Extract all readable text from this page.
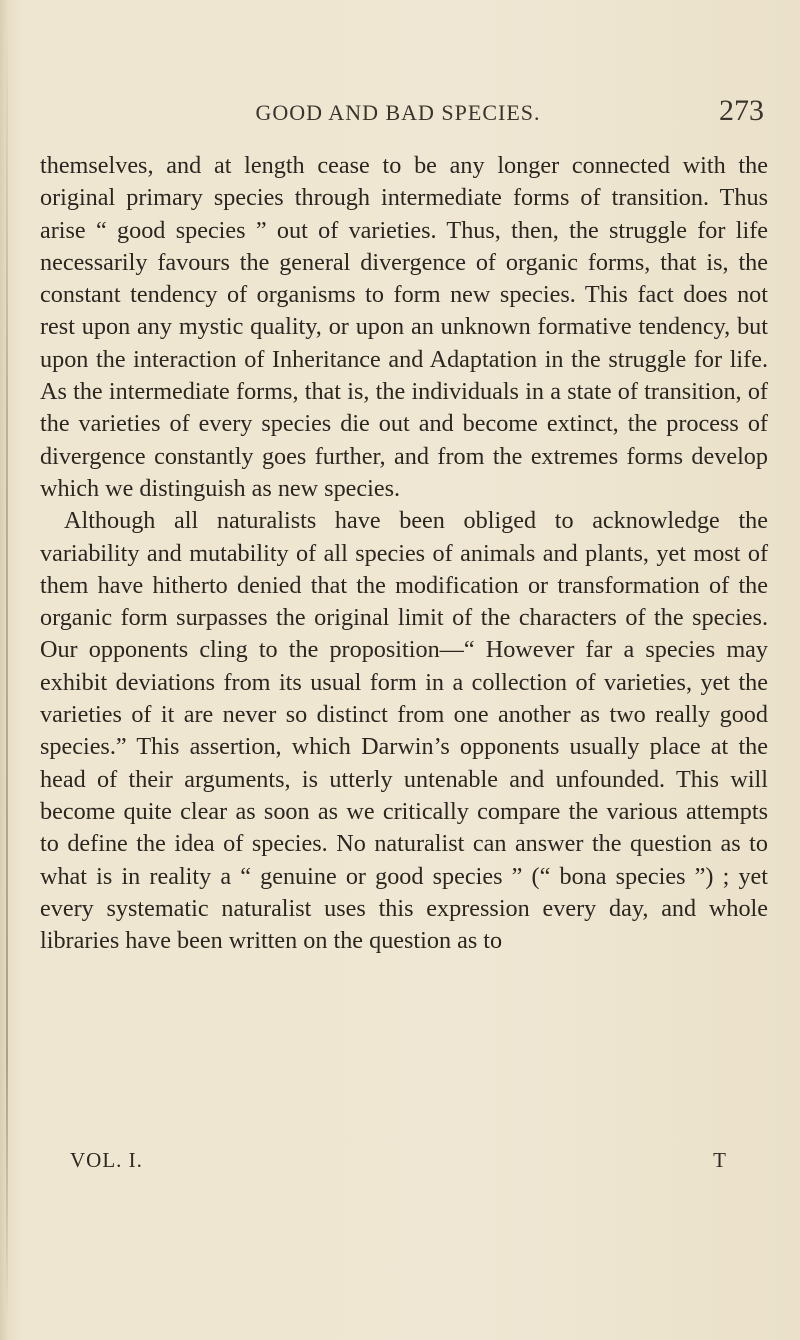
GOOD AND BAD SPECIES.	273

themselves, and at length cease to be any longer connected with the original primary species through intermediate forms of transition. Thus arise “ good species ” out of varieties. Thus, then, the struggle for life necessarily favours the general divergence of organic forms, that is, the constant tendency of organisms to form new species. This fact does not rest upon any mystic quality, or upon an unknown formative tendency, but upon the interaction of Inheritance and Adaptation in the struggle for life. As the intermediate forms, that is, the individuals in a state of transition, of the varieties of every species die out and become extinct, the process of divergence constantly goes further, and from the extremes forms develop which we distinguish as new species.

Although all naturalists have been obliged to acknowledge the variability and mutability of all species of animals and plants, yet most of them have hitherto denied that the modification or transformation of the organic form surpasses the original limit of the characters of the species. Our opponents cling to the proposition—“ However far a species may exhibit deviations from its usual form in a collection of varieties, yet the varieties of it are never so distinct from one another as two really good species.” This assertion, which Darwin’s opponents usually place at the head of their arguments, is utterly untenable and unfounded. This will become quite clear as soon as we critically compare the various attempts to define the idea of species. No naturalist can answer the question as to what is in reality a “ genuine or good species ” (“ bona species ”) ; yet every systematic naturalist uses this expression every day, and whole libraries have been written on the question as to

VOL. I.	T
